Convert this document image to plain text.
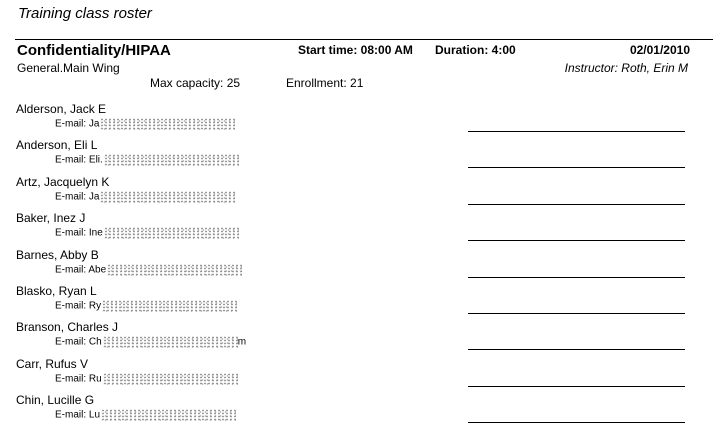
Training class roster
Confidentiality/HIPAA	Start time: 08:00 AM Duration: 4:00	02/01/2010
General.Main Wing	Instructor: Roth, Erin M
Max capacity: 25	Enrollment: 21
Alderson, Jack E
E-mail: Ja
Anderson, Eli L
E-mail: Eli.
Artz, Jacquelyn K
E-mail: Ja
Baker, Inez J
E-mail: Ine
Barnes, Abby B
E-mail: Abe
Blasko, Ryan L
E-mail: Ry
Branson, Charles J
E-mail: Ch	m
Carr, Rufus V
E-mail: Ru
Chin, Lucille G
E-mail: Lu
